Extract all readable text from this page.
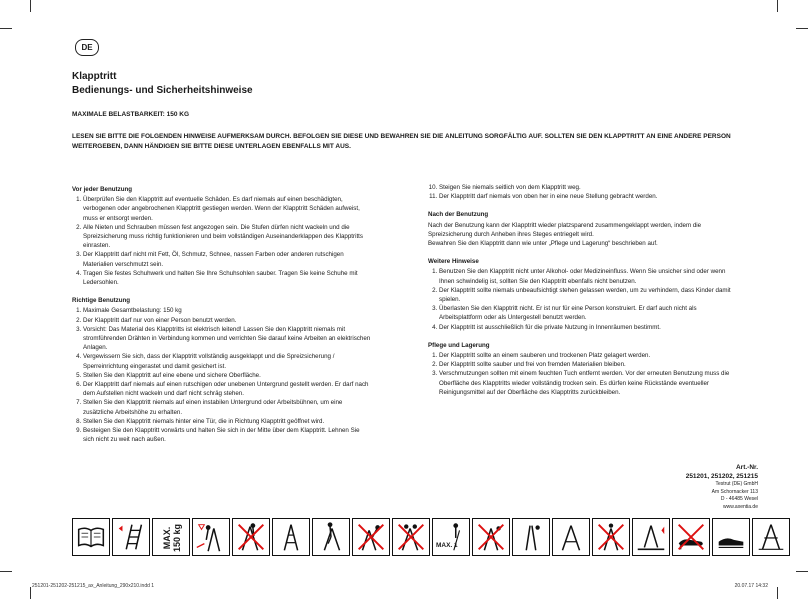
DE
Klapptritt
Bedienungs- und Sicherheitshinweise
MAXIMALE BELASTBARKEIT: 150 KG
LESEN SIE BITTE DIE FOLGENDEN HINWEISE AUFMERKSAM DURCH. BEFOLGEN SIE DIESE UND BEWAHREN SIE DIE ANLEITUNG SORGFÄLTIG AUF. SOLLTEN SIE DEN KLAPPTRITT AN EINE ANDERE PERSON WEITERGEBEN, DANN HÄNDIGEN SIE BITTE DIESE UNTERLAGEN EBENFALLS MIT AUS.
Vor jeder Benutzung
1. Überprüfen Sie den Klapptritt auf eventuelle Schäden. Es darf niemals auf einen beschädigten, verbogenen oder angebrochenen Klapptritt gestiegen werden. Wenn der Klapptritt Schäden aufweist, muss er entsorgt werden.
2. Alle Nieten und Schrauben müssen fest angezogen sein. Die Stufen dürfen nicht wackeln und die Spreizsicherung muss richtig funktionieren und beim vollständigen Auseinanderklappen des Klapptritts einrasten.
3. Der Klapptritt darf nicht mit Fett, Öl, Schmutz, Schnee, nassen Farben oder anderen rutschigen Materialien verschmutzt sein.
4. Tragen Sie festes Schuhwerk und halten Sie Ihre Schuhsohlen sauber. Tragen Sie keine Schuhe mit Ledersohlen.
Richtige Benutzung
1. Maximale Gesamtbelastung: 150 kg
2. Der Klapptritt darf nur von einer Person benutzt werden.
3. Vorsicht: Das Material des Klapptritts ist elektrisch leitend! Lassen Sie den Klapptritt niemals mit stromführenden Drähten in Verbindung kommen und verrichten Sie darauf keine Arbeiten an elektrischen Anlagen.
4. Vergewissern Sie sich, dass der Klapptritt vollständig ausgeklappt und die Spreizsicherung / Sperreinrichtung eingerastet und damit gesichert ist.
5. Stellen Sie den Klapptritt auf eine ebene und sichere Oberfläche.
6. Der Klapptritt darf niemals auf einen rutschigen oder unebenen Untergrund gestellt werden. Er darf nach dem Aufstellen nicht wackeln und darf nicht schräg stehen.
7. Stellen Sie den Klapptritt niemals auf einen instabilen Untergrund oder Arbeitsbühnen, um eine zusätzliche Arbeitshöhe zu erhalten.
8. Stellen Sie den Klapptritt niemals hinter eine Tür, die in Richtung Klapptritt geöffnet wird.
9. Besteigen Sie den Klapptritt vorwärts und halten Sie sich in der Mitte über dem Klapptritt. Lehnen Sie sich nicht zu weit nach außen.
10. Steigen Sie niemals seitlich von dem Klapptritt weg.
11. Der Klapptritt darf niemals von oben her in eine neue Stellung gebracht werden.
Nach der Benutzung

Nach der Benutzung kann der Klapptritt wieder platzsparend zusammengeklappt werden, indem die Spreizsicherung durch Anheben ihres Steges entriegelt wird.

Bewahren Sie den Klapptritt dann wie unter „Pflege und Lagerung“ beschrieben auf.

Weitere Hinweise
1. Benutzen Sie den Klapptritt nicht unter Alkohol- oder Medizineinfluss. Wenn Sie unsicher sind oder wenn Ihnen schwindelig ist, sollten Sie den Klapptritt ebenfalls nicht benutzen.
2. Der Klapptritt sollte niemals unbeaufsichtigt stehen gelassen werden, um zu verhindern, dass Kinder damit spielen.
3. Überlasten Sie den Klapptritt nicht. Er ist nur für eine Person konstruiert. Er darf auch nicht als Arbeitsplattform oder als Untergestell benutzt werden.
4. Der Klapptritt ist ausschließlich für die private Nutzung in Innenräumen bestimmt.
Pflege und Lagerung
1. Der Klapptritt sollte an einem sauberen und trockenen Platz gelagert werden.
2. Der Klapptritt sollte sauber und frei von fremden Materialien bleiben.
3. Verschmutzungen sollten mit einem feuchten Tuch entfernt werden. Vor der erneuten Benutzung muss die Oberfläche des Klapptritts wieder vollständig trocken sein. Es dürfen keine Rückstände eventueller Reinigungsmittel auf der Oberfläche des Klapptritts zurückbleiben.
Art.-Nr.
251201, 251202, 251215
Testrut (DE) GmbH
Am Schornacker 113
D - 46485 Wesel
www.axentia.de
MAX. 150 kg	MAX. 1
251201-251202-251215_ax_Anleitung_290x210.indd 1	20.07.17 14:32
